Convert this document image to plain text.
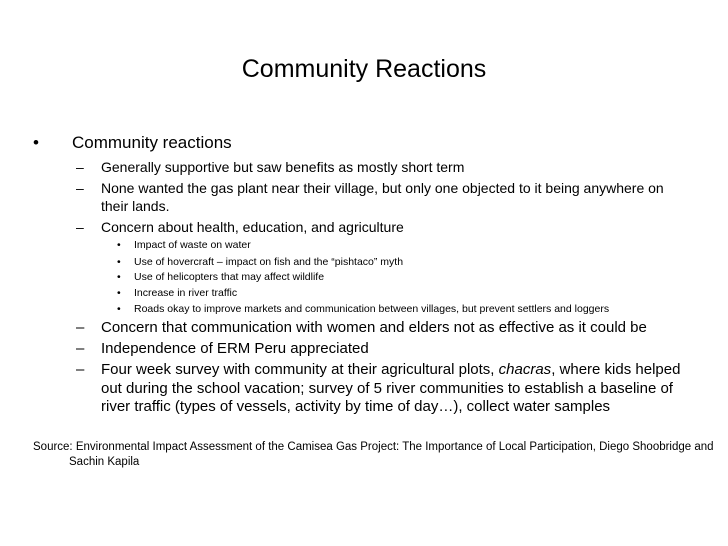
Community Reactions
• Community reactions
– Generally supportive but saw benefits as mostly short term
– None wanted the gas plant near their village, but only one objected to it being anywhere on their lands.
– Concern about health, education, and agriculture
• Impact of waste on water
• Use of hovercraft – impact on fish and the “pishtaco” myth
• Use of helicopters that may affect wildlife
• Increase in river traffic
• Roads okay to improve markets and communication between villages, but prevent settlers and loggers
– Concern that communication with women and elders not as effective as it could be
– Independence of ERM Peru appreciated
– Four week survey with community at their agricultural plots, chacras, where kids helped out during the school vacation; survey of 5 river communities to establish a baseline of river traffic (types of vessels, activity by time of day…), collect water samples
Source: Environmental Impact Assessment of the Camisea Gas Project: The Importance of Local Participation, Diego Shoobridge and Sachin Kapila
